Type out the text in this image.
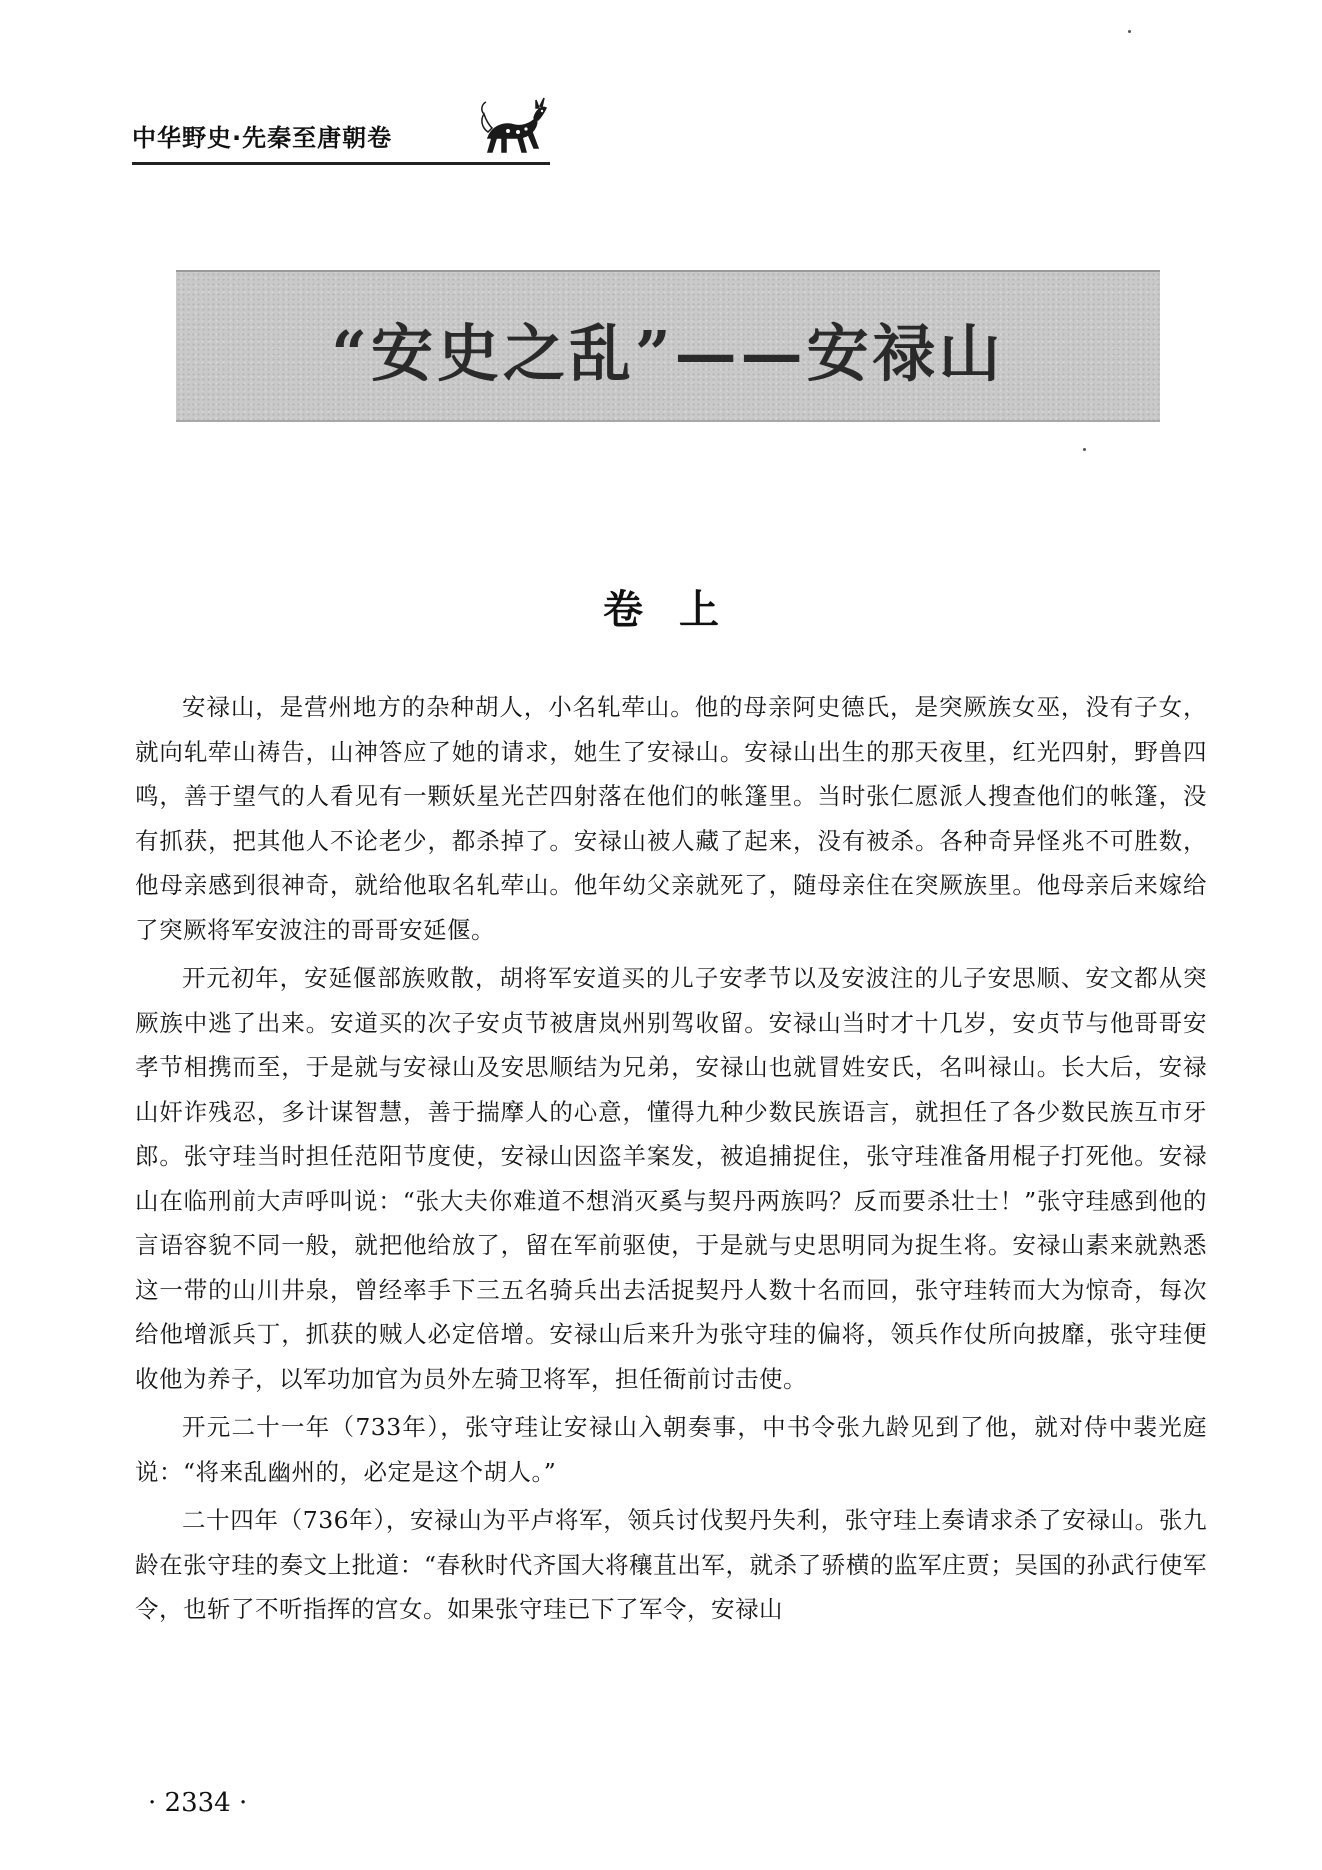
中华野史·先秦至唐朝卷
“安史之乱”——安禄山
卷上

安禄山，是营州地方的杂种胡人，小名轧荦山。他的母亲阿史德氏，是突厥族女巫，没有子女，就向轧荦山祷告，山神答应了她的请求，她生了安禄山。安禄山出生的那天夜里，红光四射，野兽四鸣，善于望气的人看见有一颗妖星光芒四射落在他们的帐篷里。当时张仁愿派人搜查他们的帐篷，没有抓获，把其他人不论老少，都杀掉了。安禄山被人藏了起来，没有被杀。各种奇异怪兆不可胜数，他母亲感到很神奇，就给他取名轧荦山。他年幼父亲就死了，随母亲住在突厥族里。他母亲后来嫁给了突厥将军安波注的哥哥安延偃。

开元初年，安延偃部族败散，胡将军安道买的儿子安孝节以及安波注的儿子安思顺、安文都从突厥族中逃了出来。安道买的次子安贞节被唐岚州别驾收留。安禄山当时才十几岁，安贞节与他哥哥安孝节相携而至，于是就与安禄山及安思顺结为兄弟，安禄山也就冒姓安氏，名叫禄山。长大后，安禄山奸诈残忍，多计谋智慧，善于揣摩人的心意，懂得九种少数民族语言，就担任了各少数民族互市牙郎。张守珪当时担任范阳节度使，安禄山因盗羊案发，被追捕捉住，张守珪准备用棍子打死他。安禄山在临刑前大声呼叫说：“张大夫你难道不想消灭奚与契丹两族吗？反而要杀壮士！”张守珪感到他的言语容貌不同一般，就把他给放了，留在军前驱使，于是就与史思明同为捉生将。安禄山素来就熟悉这一带的山川井泉，曾经率手下三五名骑兵出去活捉契丹人数十名而回，张守珪转而大为惊奇，每次给他增派兵丁，抓获的贼人必定倍增。安禄山后来升为张守珪的偏将，领兵作仗所向披靡，张守珪便收他为养子，以军功加官为员外左骑卫将军，担任衙前讨击使。

开元二十一年（733年），张守珪让安禄山入朝奏事，中书令张九龄见到了他，就对侍中裴光庭说：“将来乱幽州的，必定是这个胡人。”

二十四年（736年），安禄山为平卢将军，领兵讨伐契丹失利，张守珪上奏请求杀了安禄山。张九龄在张守珪的奏文上批道：“春秋时代齐国大将穰苴出军，就杀了骄横的监军庄贾；吴国的孙武行使军令，也斩了不听指挥的宫女。如果张守珪已下了军令，安禄山

· 2334 ·
